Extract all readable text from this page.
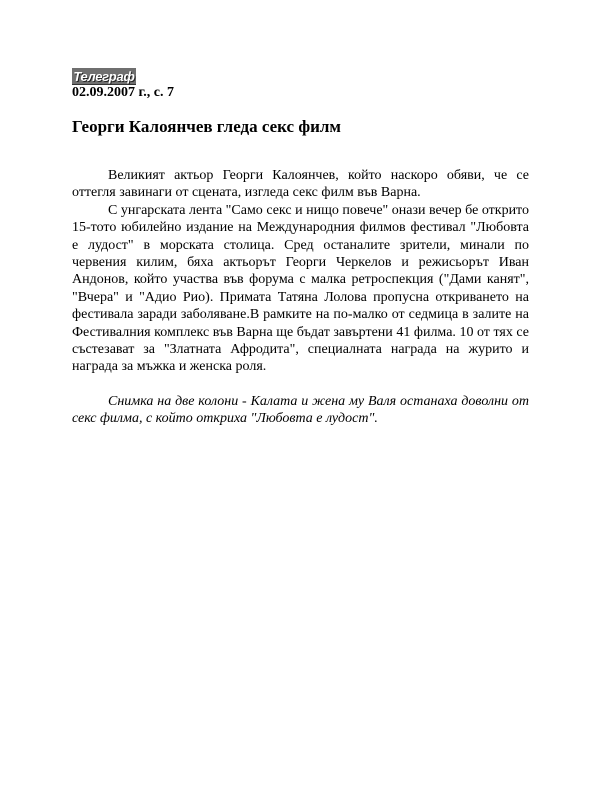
Телеграф
02.09.2007 г., с. 7
Георги Калоянчев гледа секс филм

Великият актьор Георги Калоянчев, който наскоро обяви, че се оттегля завинаги от сцената, изгледа секс филм във Варна.

С унгарската лента "Само секс и нищо повече" онази вечер бе открито 15-тото юбилейно издание на Международния филмов фестивал "Любовта е лудост" в морската столица. Сред останалите зрители, минали по червения килим, бяха актьорът Георги Черкелов и режисьорът Иван Андонов, който участва във форума с малка ретроспекция ("Дами канят", "Вчера" и "Адио Рио). Примата Татяна Лолова пропусна откриването на фестивала заради заболяване.В рамките на по-малко от седмица в залите на Фестивалния комплекс във Варна ще бъдат завъртени 41 филма. 10 от тях се състезават за "Златната Афродита", специалната награда на журито и награда за мъжка и женска роля.

Снимка на две колони - Калата и жена му Валя останаха доволни от секс филма, с който откриха "Любовта е лудост".
